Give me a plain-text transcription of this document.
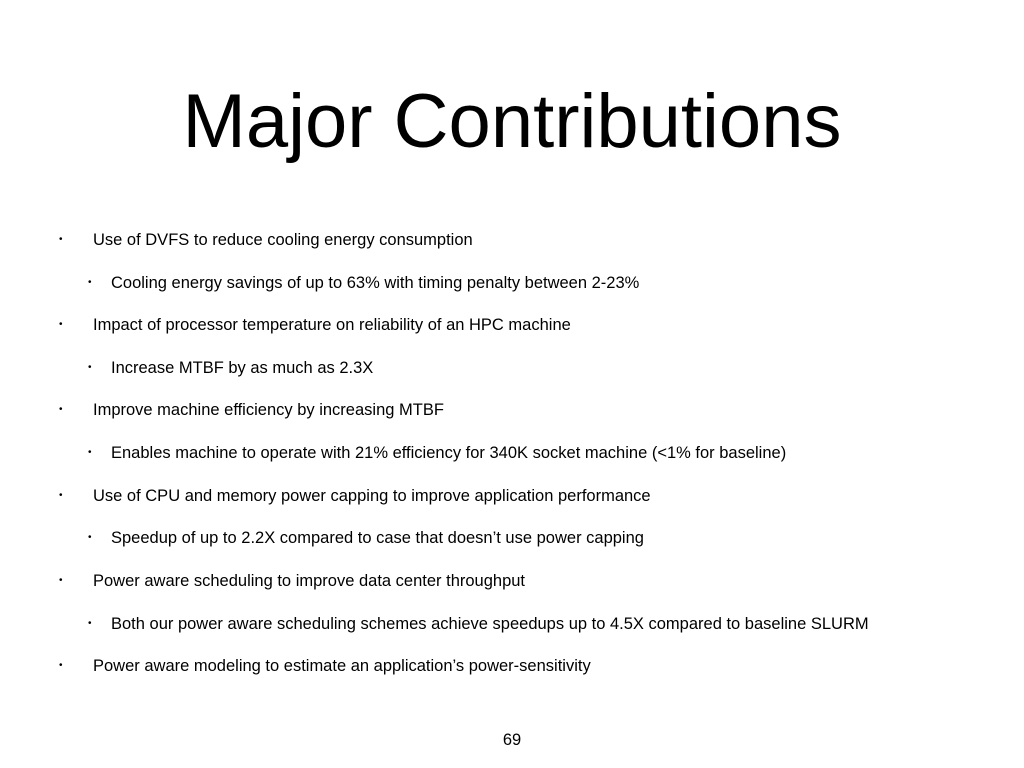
Major Contributions
• Use of DVFS to reduce cooling energy consumption
• Cooling energy savings of up to 63% with timing penalty between 2-23%
• Impact of processor temperature on reliability of an HPC machine
• Increase MTBF by as much as 2.3X
• Improve machine efficiency by increasing MTBF
• Enables machine to operate with 21% efficiency for 340K socket machine (<1% for baseline)
• Use of CPU and memory power capping to improve application performance
• Speedup of up to 2.2X compared to case that doesn’t use power capping
• Power aware scheduling to improve data center throughput
• Both our power aware scheduling schemes achieve speedups up to 4.5X compared to baseline SLURM
• Power aware modeling to estimate an application’s power-sensitivity
69
